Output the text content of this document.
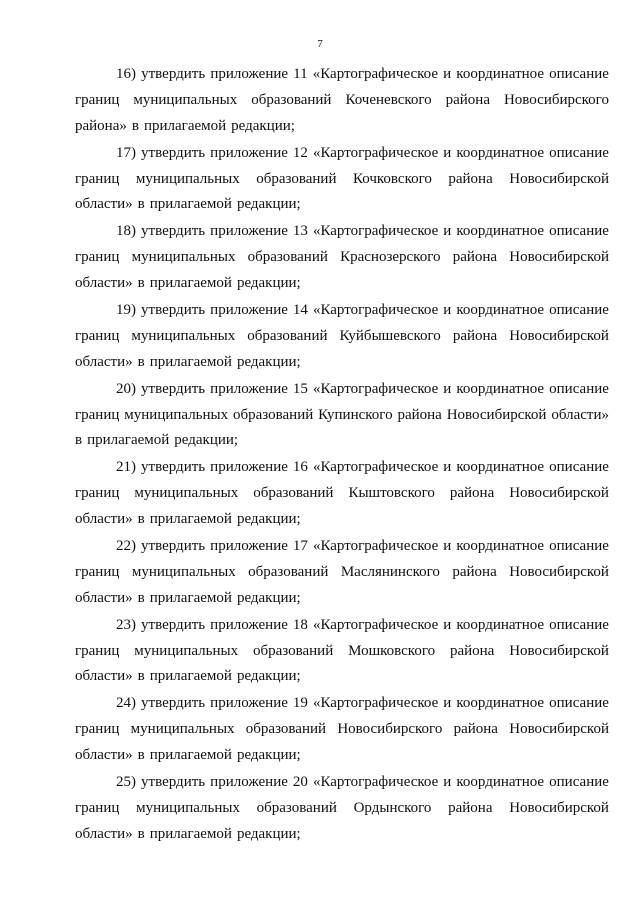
7
16) утвердить приложение 11 «Картографическое и координатное описание
границ муниципальных образований Коченевского района Новосибирского
района» в прилагаемой редакции;
17) утвердить приложение 12 «Картографическое и координатное описание
границ муниципальных образований Кочковского района Новосибирской
области» в прилагаемой редакции;
18) утвердить приложение 13 «Картографическое и координатное описание
границ муниципальных образований Краснозерского района Новосибирской
области» в прилагаемой редакции;
19) утвердить приложение 14 «Картографическое и координатное описание
границ муниципальных образований Куйбышевского района Новосибирской
области» в прилагаемой редакции;
20) утвердить приложение 15 «Картографическое и координатное описание
границ муниципальных образований Купинского района Новосибирской области»
в прилагаемой редакции;
21) утвердить приложение 16 «Картографическое и координатное описание
границ муниципальных образований Кыштовского района Новосибирской
области» в прилагаемой редакции;
22) утвердить приложение 17 «Картографическое и координатное описание
границ муниципальных образований Маслянинского района Новосибирской
области» в прилагаемой редакции;
23) утвердить приложение 18 «Картографическое и координатное описание
границ муниципальных образований Мошковского района Новосибирской
области» в прилагаемой редакции;
24) утвердить приложение 19 «Картографическое и координатное описание
границ муниципальных образований Новосибирского района Новосибирской
области» в прилагаемой редакции;
25) утвердить приложение 20 «Картографическое и координатное описание
границ муниципальных образований Ордынского района Новосибирской
области» в прилагаемой редакции;
